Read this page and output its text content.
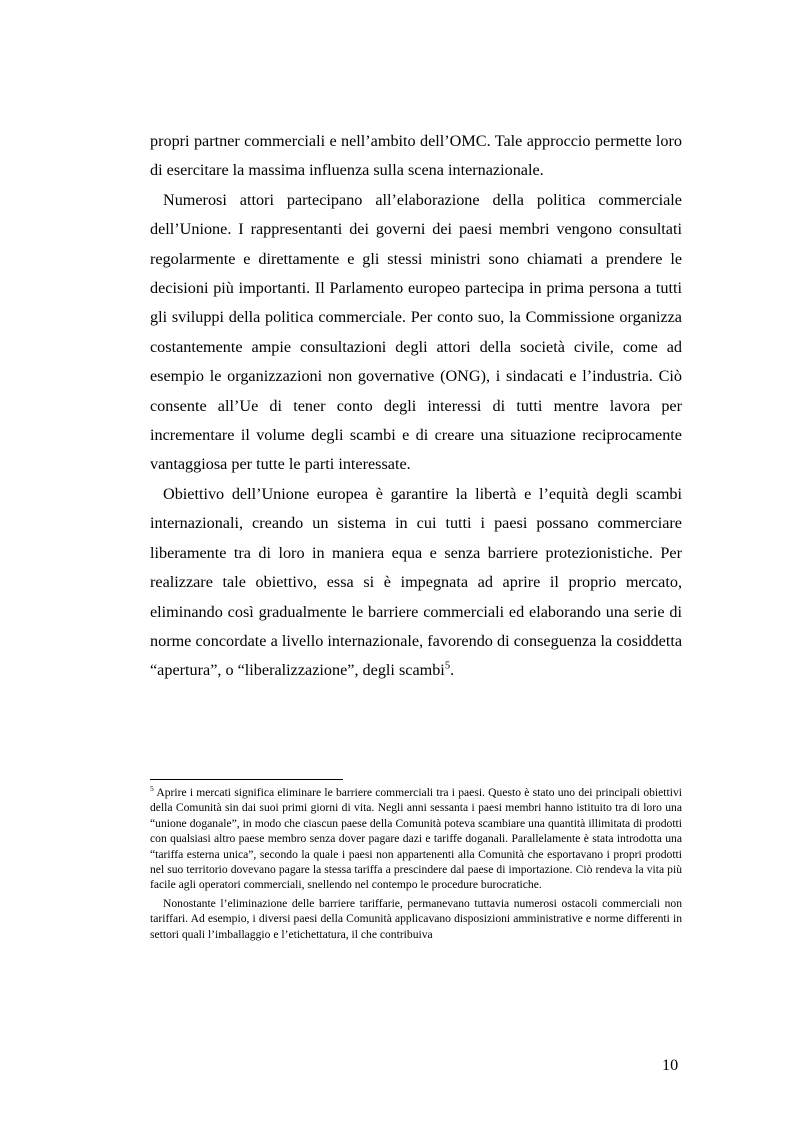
propri partner commerciali e nell’ambito dell’OMC. Tale approccio permette loro di esercitare la massima influenza sulla scena internazionale.

Numerosi attori partecipano all’elaborazione della politica commerciale dell’Unione. I rappresentanti dei governi dei paesi membri vengono consultati regolarmente e direttamente e gli stessi ministri sono chiamati a prendere le decisioni più importanti. Il Parlamento europeo partecipa in prima persona a tutti gli sviluppi della politica commerciale. Per conto suo, la Commissione organizza costantemente ampie consultazioni degli attori della società civile, come ad esempio le organizzazioni non governative (ONG), i sindacati e l’industria. Ciò consente all’Ue di tener conto degli interessi di tutti mentre lavora per incrementare il volume degli scambi e di creare una situazione reciprocamente vantaggiosa per tutte le parti interessate.

Obiettivo dell’Unione europea è garantire la libertà e l’equità degli scambi internazionali, creando un sistema in cui tutti i paesi possano commerciare liberamente tra di loro in maniera equa e senza barriere protezionistiche. Per realizzare tale obiettivo, essa si è impegnata ad aprire il proprio mercato, eliminando così gradualmente le barriere commerciali ed elaborando una serie di norme concordate a livello internazionale, favorendo di conseguenza la cosiddetta “apertura”, o “liberalizzazione”, degli scambi$^5$.

$^5$ Aprire i mercati significa eliminare le barriere commerciali tra i paesi. Questo è stato uno dei principali obiettivi della Comunità sin dai suoi primi giorni di vita. Negli anni sessanta i paesi membri hanno istituito tra di loro una “unione doganale”, in modo che ciascun paese della Comunità poteva scambiare una quantità illimitata di prodotti con qualsiasi altro paese membro senza dover pagare dazi e tariffe doganali. Parallelamente è stata introdotta una “tariffa esterna unica”, secondo la quale i paesi non appartenenti alla Comunità che esportavano i propri prodotti nel suo territorio dovevano pagare la stessa tariffa a prescindere dal paese di importazione. Ciò rendeva la vita più facile agli operatori commerciali, snellendo nel contempo le procedure burocratiche.

Nonostante l’eliminazione delle barriere tariffarie, permanevano tuttavia numerosi ostacoli commerciali non tariffari. Ad esempio, i diversi paesi della Comunità applicavano disposizioni amministrative e norme differenti in settori quali l’imballaggio e l’etichettatura, il che contribuiva

10
